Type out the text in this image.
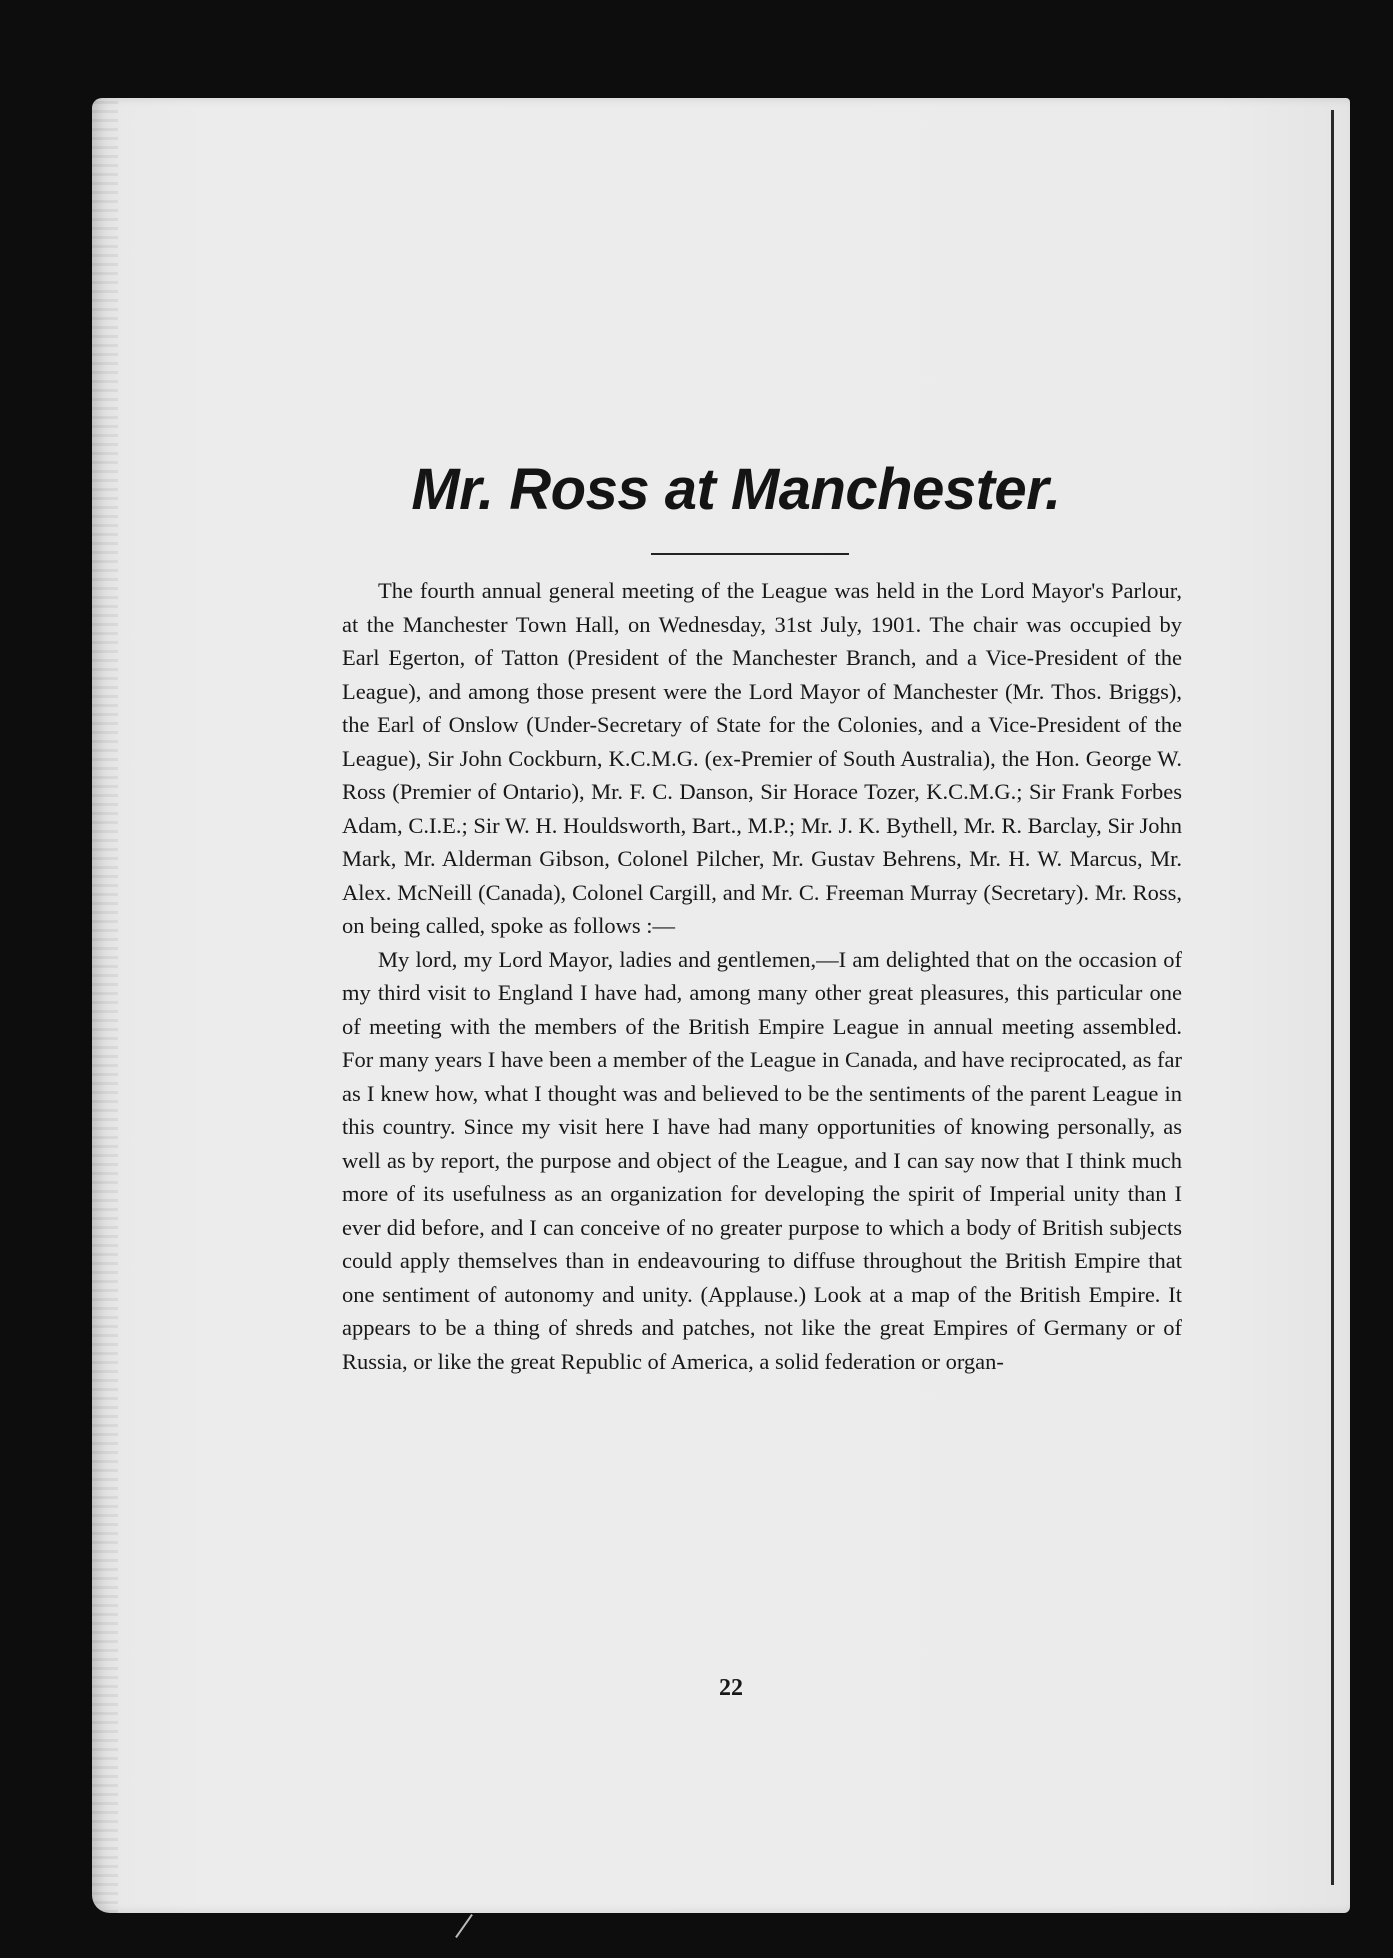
Mr. Ross at Manchester.

The fourth annual general meeting of the League was held in the Lord Mayor's Parlour, at the Manchester Town Hall, on Wednesday, 31st July, 1901. The chair was occupied by Earl Egerton, of Tatton (President of the Manchester Branch, and a Vice-President of the League), and among those present were the Lord Mayor of Manchester (Mr. Thos. Briggs), the Earl of Onslow (Under-Secretary of State for the Colonies, and a Vice-President of the League), Sir John Cockburn, K.C.M.G. (ex-Premier of South Australia), the Hon. George W. Ross (Premier of Ontario), Mr. F. C. Danson, Sir Horace Tozer, K.C.M.G.; Sir Frank Forbes Adam, C.I.E.; Sir W. H. Houldsworth, Bart., M.P.; Mr. J. K. Bythell, Mr. R. Barclay, Sir John Mark, Mr. Alderman Gibson, Colonel Pilcher, Mr. Gustav Behrens, Mr. H. W. Marcus, Mr. Alex. McNeill (Canada), Colonel Cargill, and Mr. C. Freeman Murray (Secretary). Mr. Ross, on being called, spoke as follows :—

My lord, my Lord Mayor, ladies and gentlemen,—I am delighted that on the occasion of my third visit to England I have had, among many other great pleasures, this particular one of meeting with the members of the British Empire League in annual meeting assembled. For many years I have been a member of the League in Canada, and have reciprocated, as far as I knew how, what I thought was and believed to be the sentiments of the parent League in this country. Since my visit here I have had many opportunities of knowing personally, as well as by report, the purpose and object of the League, and I can say now that I think much more of its usefulness as an organization for developing the spirit of Imperial unity than I ever did before, and I can conceive of no greater purpose to which a body of British subjects could apply themselves than in endeavouring to diffuse throughout the British Empire that one sentiment of autonomy and unity. (Applause.) Look at a map of the British Empire. It appears to be a thing of shreds and patches, not like the great Empires of Germany or of Russia, or like the great Republic of America, a solid federation or organ-

22
